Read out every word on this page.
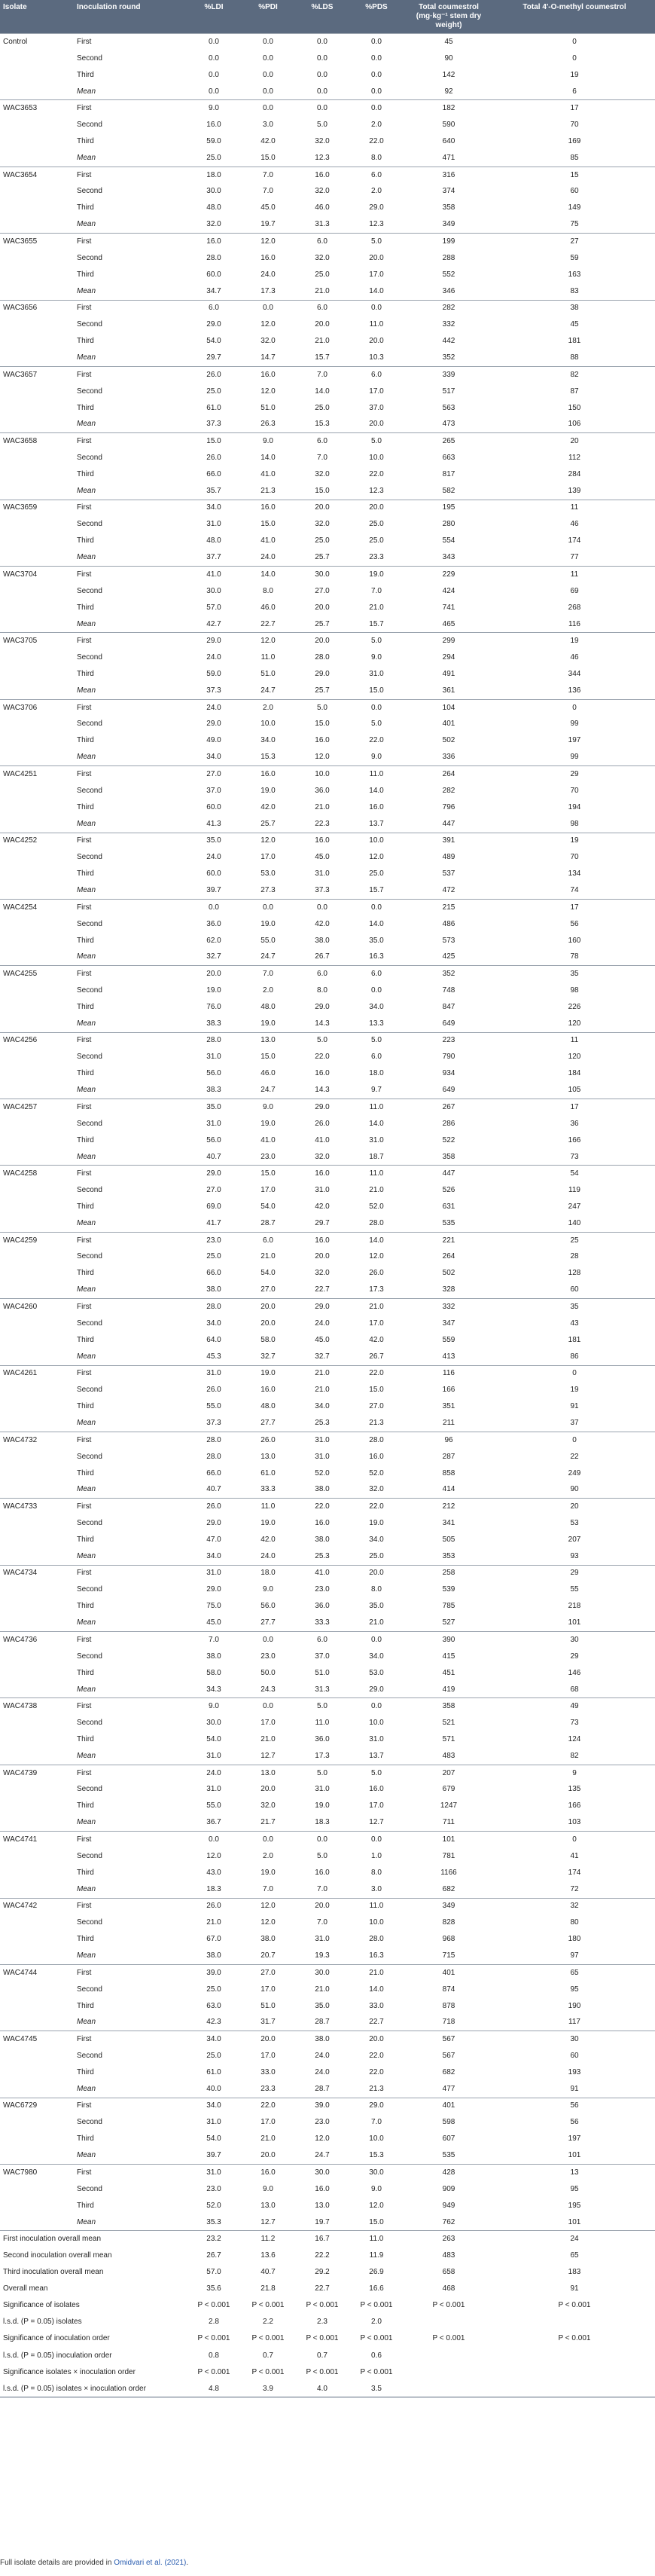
Isolate	Inoculation round	%LDI	%PDI	%LDS	%PDS	Total coumestrol (mg·kg⁻¹ stem dry weight)	Total 4'-O-methyl coumestrol
Control	First	0.0	0.0	0.0	0.0	45	0
	Second	0.0	0.0	0.0	0.0	90	0
	Third	0.0	0.0	0.0	0.0	142	19
	Mean	0.0	0.0	0.0	0.0	92	6
WAC3653	First	9.0	0.0	0.0	0.0	182	17
	Second	16.0	3.0	5.0	2.0	590	70
	Third	59.0	42.0	32.0	22.0	640	169
	Mean	25.0	15.0	12.3	8.0	471	85
WAC3654	First	18.0	7.0	16.0	6.0	316	15
	Second	30.0	7.0	32.0	2.0	374	60
	Third	48.0	45.0	46.0	29.0	358	149
	Mean	32.0	19.7	31.3	12.3	349	75
WAC3655	First	16.0	12.0	6.0	5.0	199	27
	Second	28.0	16.0	32.0	20.0	288	59
	Third	60.0	24.0	25.0	17.0	552	163
	Mean	34.7	17.3	21.0	14.0	346	83
WAC3656	First	6.0	0.0	6.0	0.0	282	38
	Second	29.0	12.0	20.0	11.0	332	45
	Third	54.0	32.0	21.0	20.0	442	181
	Mean	29.7	14.7	15.7	10.3	352	88
WAC3657	First	26.0	16.0	7.0	6.0	339	82
	Second	25.0	12.0	14.0	17.0	517	87
	Third	61.0	51.0	25.0	37.0	563	150
	Mean	37.3	26.3	15.3	20.0	473	106
WAC3658	First	15.0	9.0	6.0	5.0	265	20
	Second	26.0	14.0	7.0	10.0	663	112
	Third	66.0	41.0	32.0	22.0	817	284
	Mean	35.7	21.3	15.0	12.3	582	139
WAC3659	First	34.0	16.0	20.0	20.0	195	11
	Second	31.0	15.0	32.0	25.0	280	46
	Third	48.0	41.0	25.0	25.0	554	174
	Mean	37.7	24.0	25.7	23.3	343	77
WAC3704	First	41.0	14.0	30.0	19.0	229	11
	Second	30.0	8.0	27.0	7.0	424	69
	Third	57.0	46.0	20.0	21.0	741	268
	Mean	42.7	22.7	25.7	15.7	465	116
WAC3705	First	29.0	12.0	20.0	5.0	299	19
	Second	24.0	11.0	28.0	9.0	294	46
	Third	59.0	51.0	29.0	31.0	491	344
	Mean	37.3	24.7	25.7	15.0	361	136
WAC3706	First	24.0	2.0	5.0	0.0	104	0
	Second	29.0	10.0	15.0	5.0	401	99
	Third	49.0	34.0	16.0	22.0	502	197
	Mean	34.0	15.3	12.0	9.0	336	99
WAC4251	First	27.0	16.0	10.0	11.0	264	29
	Second	37.0	19.0	36.0	14.0	282	70
	Third	60.0	42.0	21.0	16.0	796	194
	Mean	41.3	25.7	22.3	13.7	447	98
WAC4252	First	35.0	12.0	16.0	10.0	391	19
	Second	24.0	17.0	45.0	12.0	489	70
	Third	60.0	53.0	31.0	25.0	537	134
	Mean	39.7	27.3	37.3	15.7	472	74
WAC4254	First	0.0	0.0	0.0	0.0	215	17
	Second	36.0	19.0	42.0	14.0	486	56
	Third	62.0	55.0	38.0	35.0	573	160
	Mean	32.7	24.7	26.7	16.3	425	78
WAC4255	First	20.0	7.0	6.0	6.0	352	35
	Second	19.0	2.0	8.0	0.0	748	98
	Third	76.0	48.0	29.0	34.0	847	226
	Mean	38.3	19.0	14.3	13.3	649	120
WAC4256	First	28.0	13.0	5.0	5.0	223	11
	Second	31.0	15.0	22.0	6.0	790	120
	Third	56.0	46.0	16.0	18.0	934	184
	Mean	38.3	24.7	14.3	9.7	649	105
WAC4257	First	35.0	9.0	29.0	11.0	267	17
	Second	31.0	19.0	26.0	14.0	286	36
	Third	56.0	41.0	41.0	31.0	522	166
	Mean	40.7	23.0	32.0	18.7	358	73
WAC4258	First	29.0	15.0	16.0	11.0	447	54
	Second	27.0	17.0	31.0	21.0	526	119
	Third	69.0	54.0	42.0	52.0	631	247
	Mean	41.7	28.7	29.7	28.0	535	140
WAC4259	First	23.0	6.0	16.0	14.0	221	25
	Second	25.0	21.0	20.0	12.0	264	28
	Third	66.0	54.0	32.0	26.0	502	128
	Mean	38.0	27.0	22.7	17.3	328	60
WAC4260	First	28.0	20.0	29.0	21.0	332	35
	Second	34.0	20.0	24.0	17.0	347	43
	Third	64.0	58.0	45.0	42.0	559	181
	Mean	45.3	32.7	32.7	26.7	413	86
WAC4261	First	31.0	19.0	21.0	22.0	116	0
	Second	26.0	16.0	21.0	15.0	166	19
	Third	55.0	48.0	34.0	27.0	351	91
	Mean	37.3	27.7	25.3	21.3	211	37
WAC4732	First	28.0	26.0	31.0	28.0	96	0
	Second	28.0	13.0	31.0	16.0	287	22
	Third	66.0	61.0	52.0	52.0	858	249
	Mean	40.7	33.3	38.0	32.0	414	90
WAC4733	First	26.0	11.0	22.0	22.0	212	20
	Second	29.0	19.0	16.0	19.0	341	53
	Third	47.0	42.0	38.0	34.0	505	207
	Mean	34.0	24.0	25.3	25.0	353	93
WAC4734	First	31.0	18.0	41.0	20.0	258	29
	Second	29.0	9.0	23.0	8.0	539	55
	Third	75.0	56.0	36.0	35.0	785	218
	Mean	45.0	27.7	33.3	21.0	527	101
WAC4736	First	7.0	0.0	6.0	0.0	390	30
	Second	38.0	23.0	37.0	34.0	415	29
	Third	58.0	50.0	51.0	53.0	451	146
	Mean	34.3	24.3	31.3	29.0	419	68
WAC4738	First	9.0	0.0	5.0	0.0	358	49
	Second	30.0	17.0	11.0	10.0	521	73
	Third	54.0	21.0	36.0	31.0	571	124
	Mean	31.0	12.7	17.3	13.7	483	82
WAC4739	First	24.0	13.0	5.0	5.0	207	9
	Second	31.0	20.0	31.0	16.0	679	135
	Third	55.0	32.0	19.0	17.0	1247	166
	Mean	36.7	21.7	18.3	12.7	711	103
WAC4741	First	0.0	0.0	0.0	0.0	101	0
	Second	12.0	2.0	5.0	1.0	781	41
	Third	43.0	19.0	16.0	8.0	1166	174
	Mean	18.3	7.0	7.0	3.0	682	72
WAC4742	First	26.0	12.0	20.0	11.0	349	32
	Second	21.0	12.0	7.0	10.0	828	80
	Third	67.0	38.0	31.0	28.0	968	180
	Mean	38.0	20.7	19.3	16.3	715	97
WAC4744	First	39.0	27.0	30.0	21.0	401	65
	Second	25.0	17.0	21.0	14.0	874	95
	Third	63.0	51.0	35.0	33.0	878	190
	Mean	42.3	31.7	28.7	22.7	718	117
WAC4745	First	34.0	20.0	38.0	20.0	567	30
	Second	25.0	17.0	24.0	22.0	567	60
	Third	61.0	33.0	24.0	22.0	682	193
	Mean	40.0	23.3	28.7	21.3	477	91
WAC6729	First	34.0	22.0	39.0	29.0	401	56
	Second	31.0	17.0	23.0	7.0	598	56
	Third	54.0	21.0	12.0	10.0	607	197
	Mean	39.7	20.0	24.7	15.3	535	101
WAC7980	First	31.0	16.0	30.0	30.0	428	13
	Second	23.0	9.0	16.0	9.0	909	95
	Third	52.0	13.0	13.0	12.0	949	195
	Mean	35.3	12.7	19.7	15.0	762	101
First inoculation overall mean		23.2	11.2	16.7	11.0	263	24
Second inoculation overall mean		26.7	13.6	22.2	11.9	483	65
Third inoculation overall mean		57.0	40.7	29.2	26.9	658	183
Overall mean		35.6	21.8	22.7	16.6	468	91
Significance of isolates		P < 0.001	P < 0.001	P < 0.001	P < 0.001	P < 0.001	P < 0.001
l.s.d. (P = 0.05) isolates		2.8	2.2	2.3	2.0		
Significance of inoculation order		P < 0.001	P < 0.001	P < 0.001	P < 0.001	P < 0.001	P < 0.001
l.s.d. (P = 0.05) inoculation order		0.8	0.7	0.7	0.6		
Significance isolates × inoculation order		P < 0.001	P < 0.001	P < 0.001	P < 0.001		
l.s.d. (P = 0.05) isolates × inoculation order		4.8	3.9	4.0	3.5		
Full isolate details are provided in Omidvari et al. (2021).
